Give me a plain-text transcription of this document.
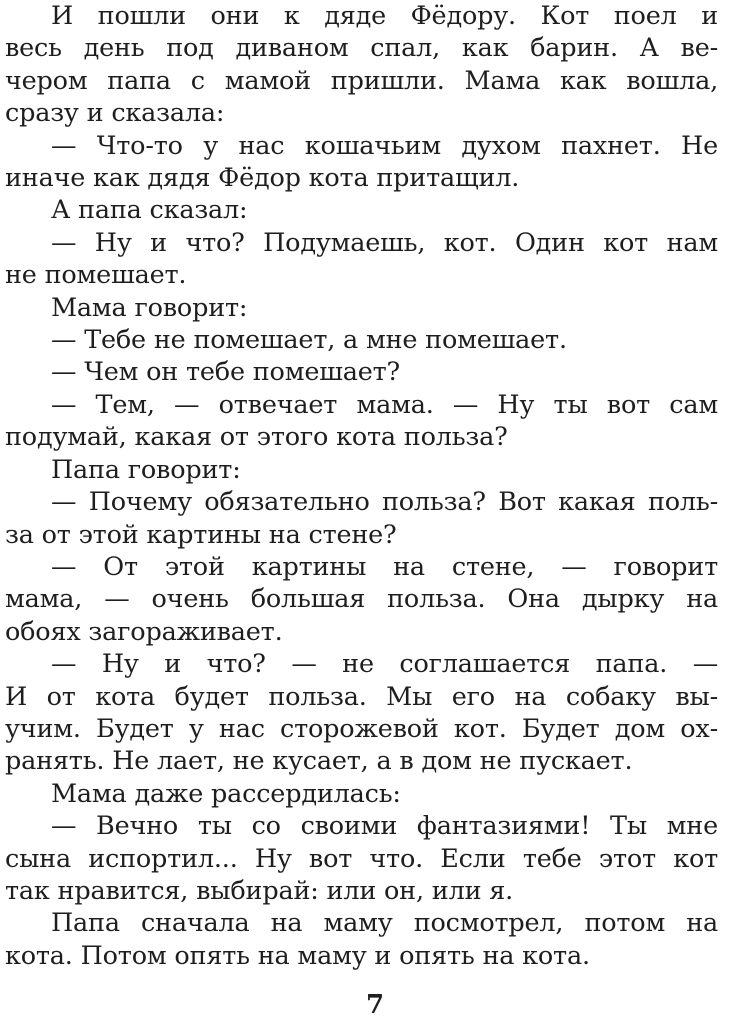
И пошли они к дяде Фёдору. Кот поел и
весь день под диваном спал, как барин. А ве-
чером папа с мамой пришли. Мама как вошла,
сразу и сказала:
— Что-то у нас кошачьим духом пахнет. Не
иначе как дядя Фёдор кота притащил.
А папа сказал:
— Ну и что? Подумаешь, кот. Один кот нам
не помешает.
Мама говорит:
— Тебе не помешает, а мне помешает.
— Чем он тебе помешает?
— Тем, — отвечает мама. — Ну ты вот сам
подумай, какая от этого кота польза?
Папа говорит:
— Почему обязательно польза? Вот какая поль-
за от этой картины на стене?
— От этой картины на стене, — говорит
мама, — очень большая польза. Она дырку на
обоях загораживает.
— Ну и что? — не соглашается папа. —
И от кота будет польза. Мы его на собаку вы-
учим. Будет у нас сторожевой кот. Будет дом ох-
ранять. Не лает, не кусает, а в дом не пускает.
Мама даже рассердилась:
— Вечно ты со своими фантазиями! Ты мне
сына испортил... Ну вот что. Если тебе этот кот
так нравится, выбирай: или он, или я.
Папа сначала на маму посмотрел, потом на
кота. Потом опять на маму и опять на кота.
7
